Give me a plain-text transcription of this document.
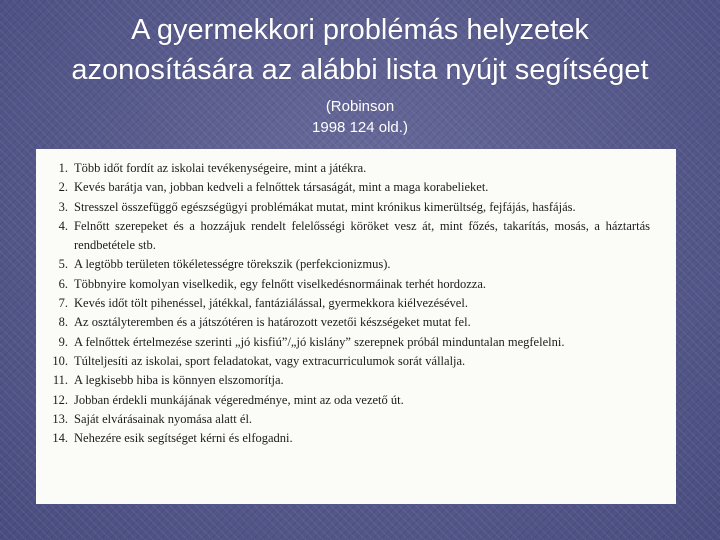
A gyermekkori problémás helyzetek
azonosítására az alábbi lista nyújt segítséget
(Robinson
1998 124 old.)
1. Több időt fordít az iskolai tevékenységeire, mint a játékra.
2. Kevés barátja van, jobban kedveli a felnőttek társaságát, mint a maga korabelieket.
3. Stresszel összefüggő egészségügyi problémákat mutat, mint krónikus kimerültség, fejfájás, hasfájás.
4. Felnőtt szerepeket és a hozzájuk rendelt felelősségi köröket vesz át, mint főzés, takarítás, mosás, a háztartás rendbetétele stb.
5. A legtöbb területen tökéletességre törekszik (perfekcionizmus).
6. Többnyire komolyan viselkedik, egy felnőtt viselkedésnormáinak terhét hordozza.
7. Kevés időt tölt pihenéssel, játékkal, fantáziálással, gyermekkora kiélvezésével.
8. Az osztályteremben és a játszótéren is határozott vezetői készségeket mutat fel.
9. A felnőttek értelmezése szerinti „jó kisfiú”/„jó kislány” szerepnek próbál minduntalan megfelelni.
10. Túlteljesíti az iskolai, sport feladatokat, vagy extracurriculumok sorát vállalja.
11. A legkisebb hiba is könnyen elszomorítja.
12. Jobban érdekli munkájának végeredménye, mint az oda vezető út.
13. Saját elvárásainak nyomása alatt él.
14. Nehezére esik segítséget kérni és elfogadni.
